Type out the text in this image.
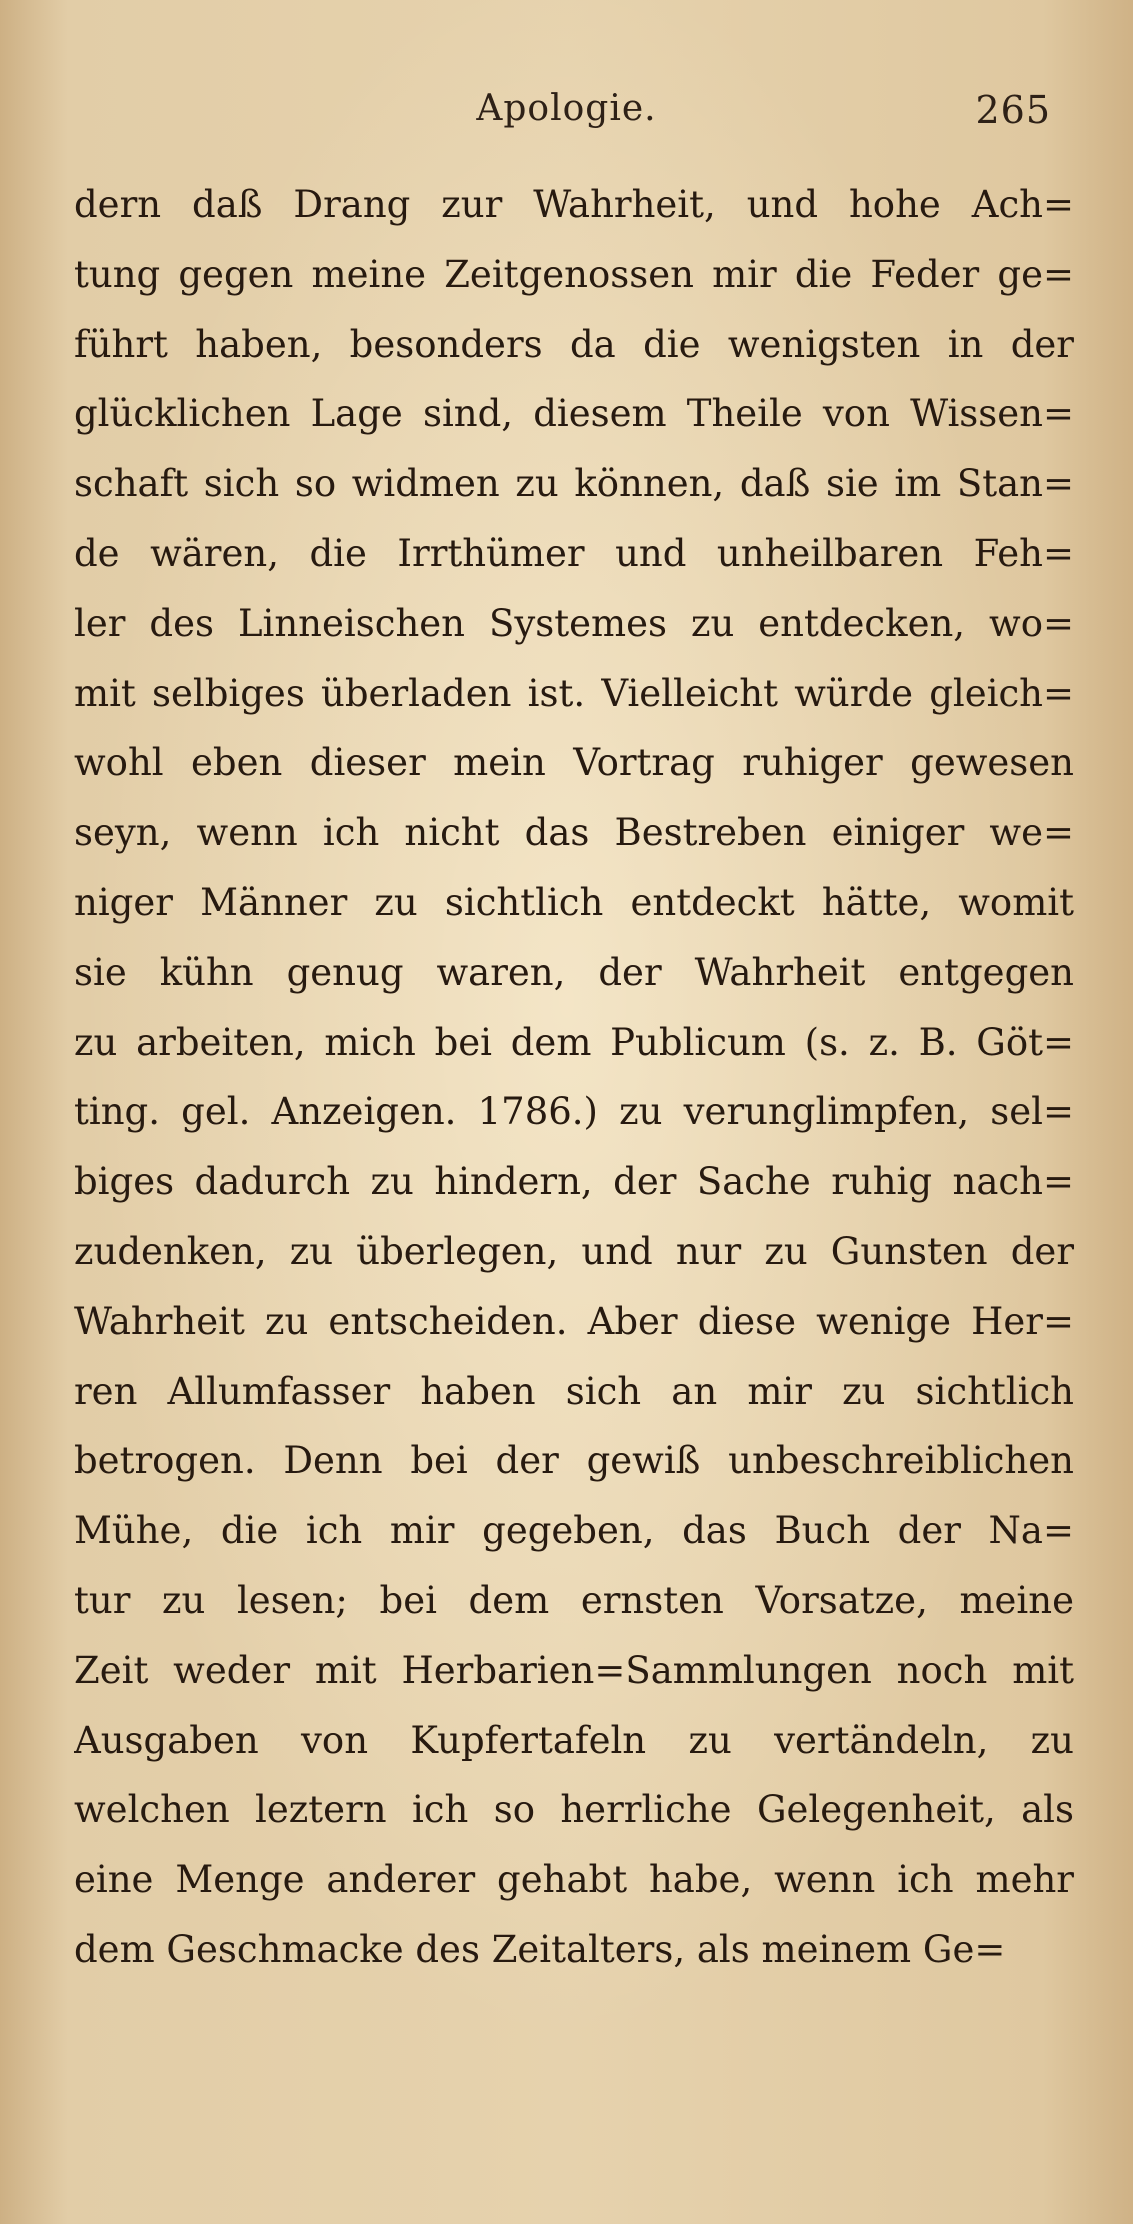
Apologie.	265
dern daß Drang zur Wahrheit, und hohe Ach=
tung gegen meine Zeitgenossen mir die Feder ge=
führt haben, besonders da die wenigsten in der
glücklichen Lage sind, diesem Theile von Wissen=
schaft sich so widmen zu können, daß sie im Stan=
de wären, die Irrthümer und unheilbaren Feh=
ler des Linneischen Systemes zu entdecken, wo=
mit selbiges überladen ist. Vielleicht würde gleich=
wohl eben dieser mein Vortrag ruhiger gewesen
seyn, wenn ich nicht das Bestreben einiger we=
niger Männer zu sichtlich entdeckt hätte, womit
sie kühn genug waren, der Wahrheit entgegen
zu arbeiten, mich bei dem Publicum (s. z. B. Göt=
ting. gel. Anzeigen. 1786.) zu verunglimpfen, sel=
biges dadurch zu hindern, der Sache ruhig nach=
zudenken, zu überlegen, und nur zu Gunsten der
Wahrheit zu entscheiden. Aber diese wenige Her=
ren Allumfasser haben sich an mir zu sichtlich
betrogen. Denn bei der gewiß unbeschreiblichen
Mühe, die ich mir gegeben, das Buch der Na=
tur zu lesen; bei dem ernsten Vorsatze, meine
Zeit weder mit Herbarien=Sammlungen noch mit
Ausgaben von Kupfertafeln zu vertändeln, zu
welchen leztern ich so herrliche Gelegenheit, als
eine Menge anderer gehabt habe, wenn ich mehr
dem Geschmacke des Zeitalters, als meinem Ge=
